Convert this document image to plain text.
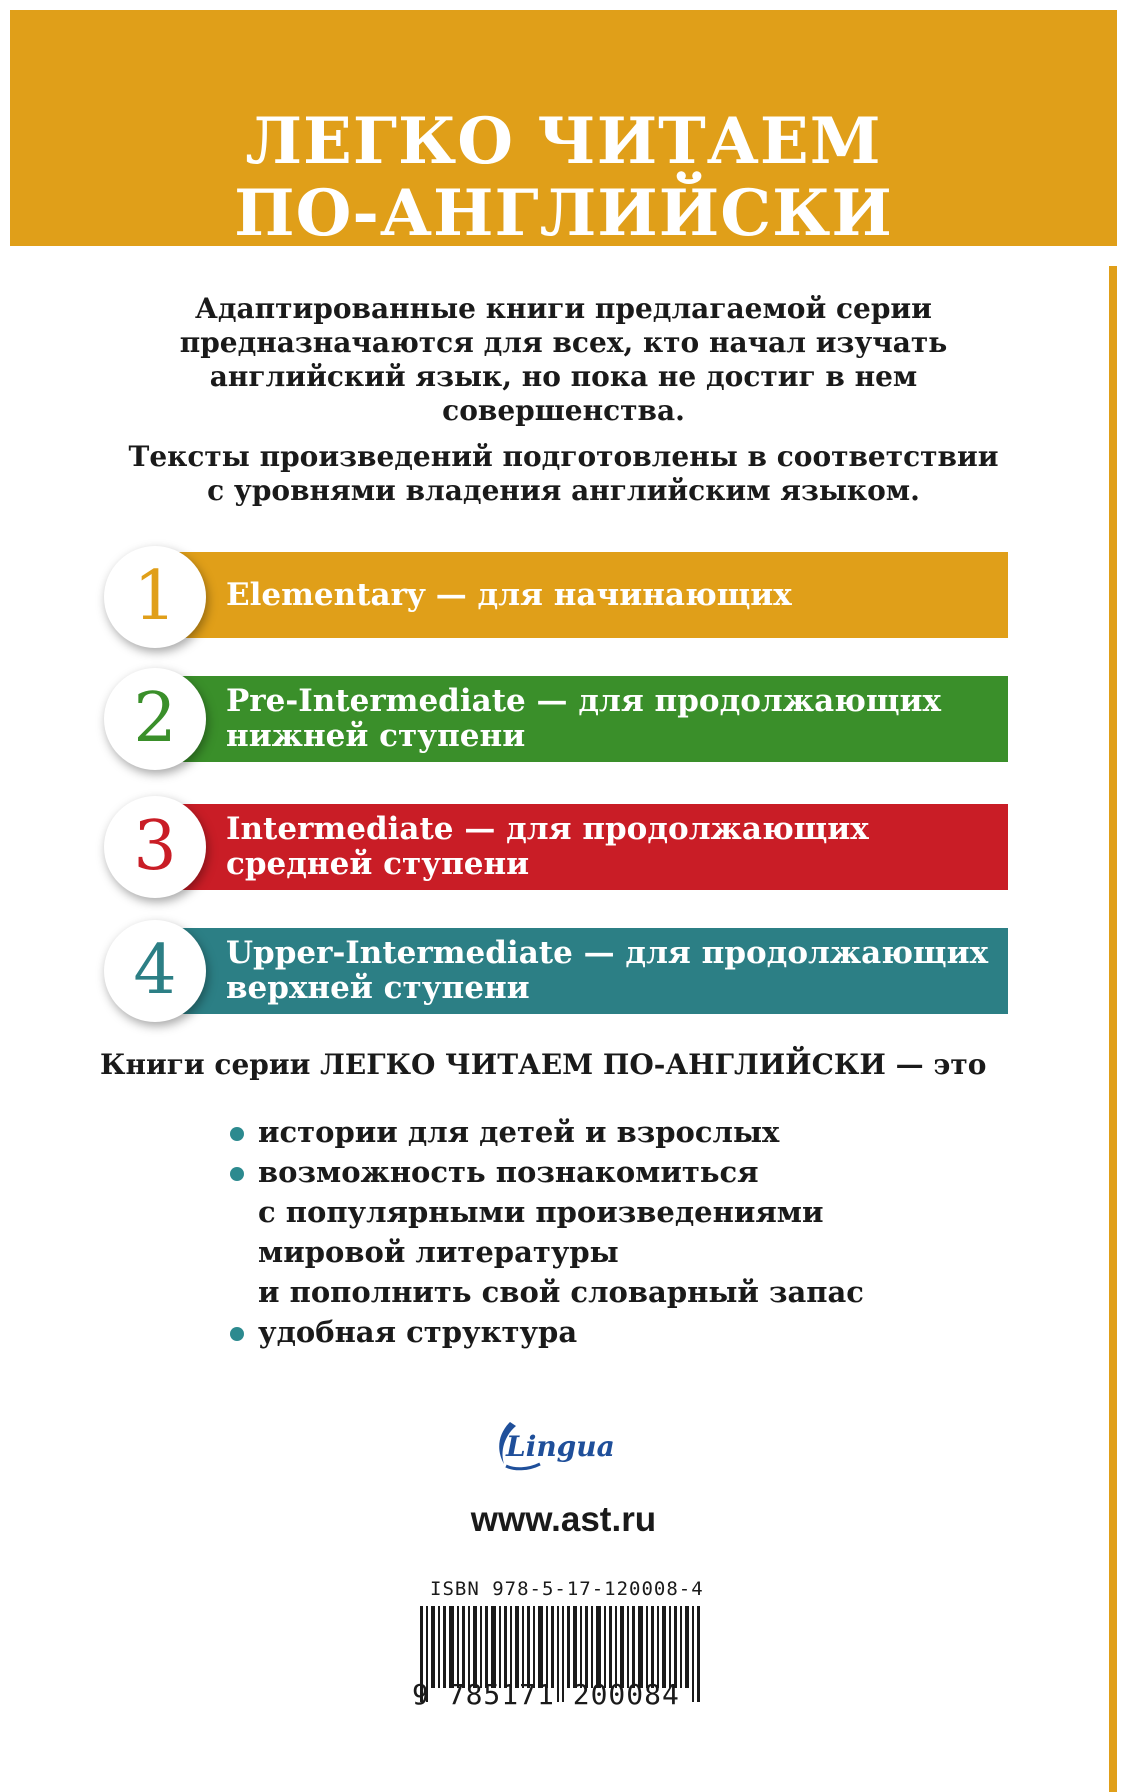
ЛЕГКО ЧИТАЕМ
ПО-АНГЛИЙСКИ
Адаптированные книги предлагаемой серии
предназначаются для всех, кто начал изучать
английский язык, но пока не достиг в нем
совершенства.
Тексты произведений подготовлены в соответствии
с уровнями владения английским языком.
Elementary — для начинающих
1
Pre-Intermediate — для продолжающих
нижней ступени
2
Intermediate — для продолжающих
средней ступени
3
Upper-Intermediate — для продолжающих
верхней ступени
4
Книги серии ЛЕГКО ЧИТАЕМ ПО-АНГЛИЙСКИ — это
истории для детей и взрослых
возможность познакомиться
с популярными произведениями
мировой литературы
и пополнить свой словарный запас
удобная структура
Lingua
www.ast.ru
ISBN 978-5-17-120008-4
9 785171 200084
